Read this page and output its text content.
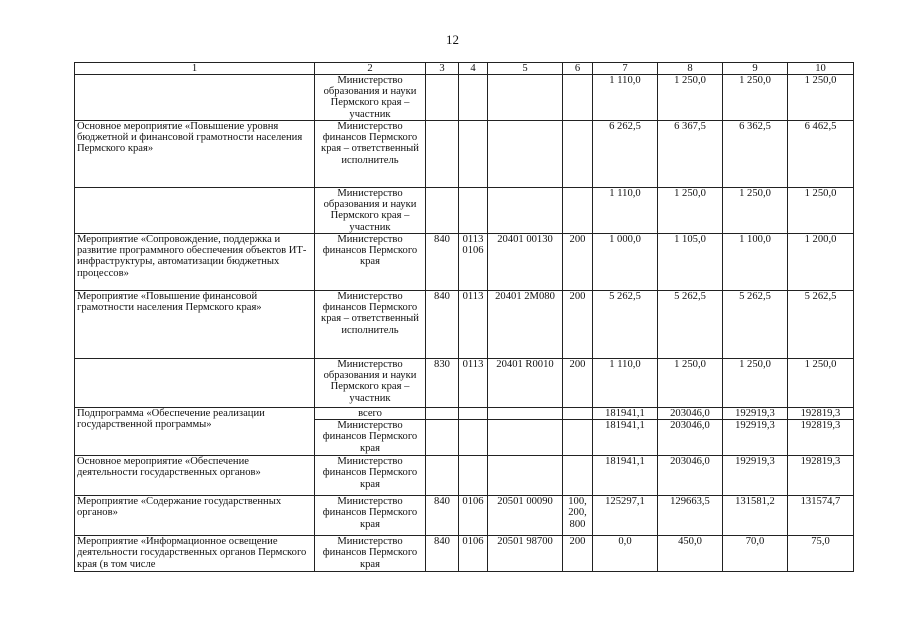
12
1	2	3	4	5	6	7	8	9	10
	Министерство образования и науки Пермского края – участник					1 110,0	1 250,0	1 250,0	1 250,0
Основное мероприятие «Повышение уровня бюджетной и финансовой грамотности населения Пермского края»	Министерство финансов Пермского края – ответственный исполнитель					6 262,5	6 367,5	6 362,5	6 462,5
	Министерство образования и науки Пермского края – участник					1 110,0	1 250,0	1 250,0	1 250,0
Мероприятие «Сопровождение, поддержка и развитие программного обеспечения объектов ИТ-инфраструктуры, автоматизации бюджетных процессов»	Министерство финансов Пермского края	840	0113 0106	20401 00130	200	1 000,0	1 105,0	1 100,0	1 200,0
Мероприятие «Повышение финансовой грамотности населения Пермского края»	Министерство финансов Пермского края – ответственный исполнитель	840	0113	20401 2М080	200	5 262,5	5 262,5	5 262,5	5 262,5
	Министерство образования и науки Пермского края – участник	830	0113	20401 R0010	200	1 110,0	1 250,0	1 250,0	1 250,0
Подпрограмма «Обеспечение реализации государственной программы»	всего					181941,1	203046,0	192919,3	192819,3
	Министерство финансов Пермского края					181941,1	203046,0	192919,3	192819,3
Основное мероприятие «Обеспечение деятельности государственных органов»	Министерство финансов Пермского края					181941,1	203046,0	192919,3	192819,3
Мероприятие «Содержание государственных органов»	Министерство финансов Пермского края	840	0106	20501 00090	100, 200, 800	125297,1	129663,5	131581,2	131574,7
Мероприятие «Информационное освещение деятельности государственных органов Пермского края (в том числе	Министерство финансов Пермского края	840	0106	20501 98700	200	0,0	450,0	70,0	75,0
